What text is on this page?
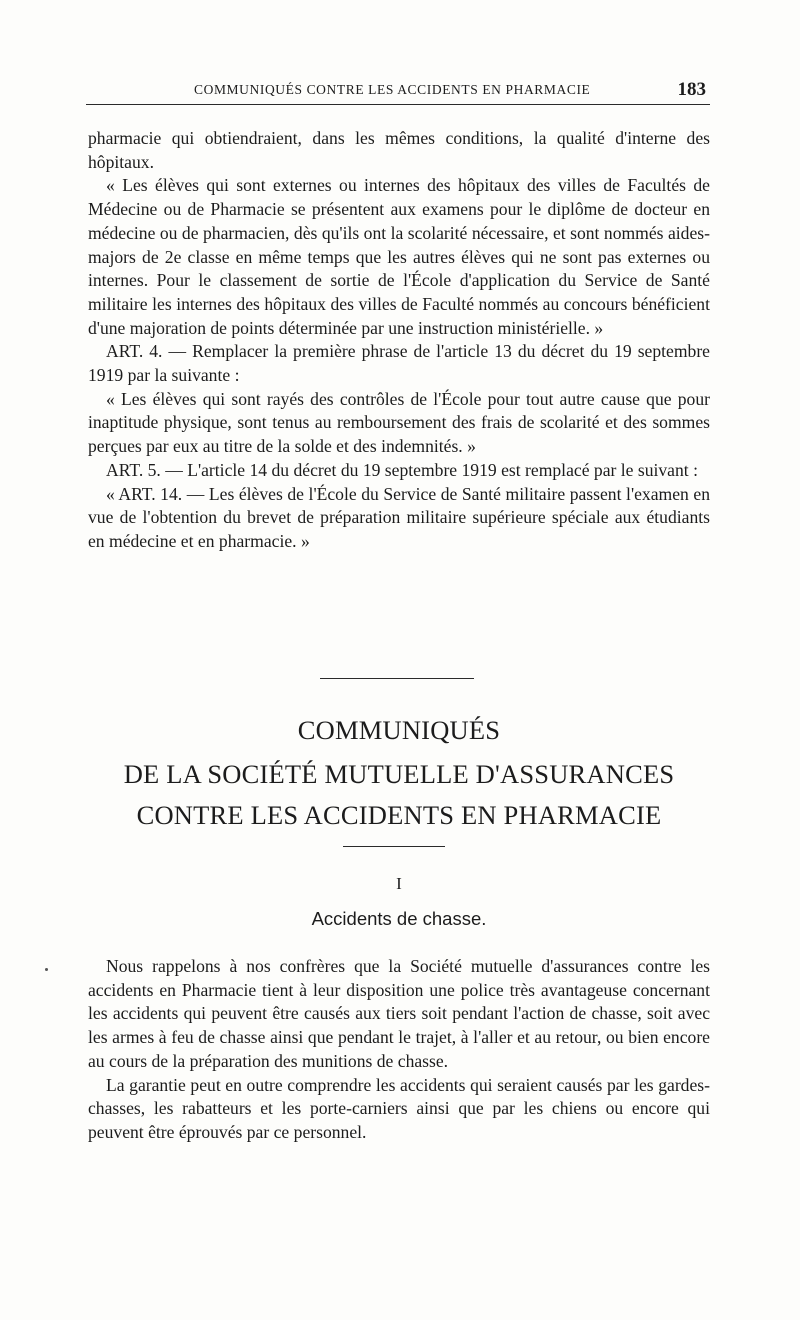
COMMUNIQUÉS CONTRE LES ACCIDENTS EN PHARMACIE	183

pharmacie qui obtiendraient, dans les mêmes conditions, la qualité d'interne des hôpitaux.

« Les élèves qui sont externes ou internes des hôpitaux des villes de Facultés de Médecine ou de Pharmacie se présentent aux examens pour le diplôme de docteur en médecine ou de pharmacien, dès qu'ils ont la scolarité nécessaire, et sont nommés aides-majors de 2e classe en même temps que les autres élèves qui ne sont pas externes ou internes. Pour le classement de sortie de l'École d'application du Service de Santé militaire les internes des hôpitaux des villes de Faculté nommés au concours bénéficient d'une majoration de points déterminée par une instruction ministérielle. »

ART. 4. — Remplacer la première phrase de l'article 13 du décret du 19 septembre 1919 par la suivante :

« Les élèves qui sont rayés des contrôles de l'École pour tout autre cause que pour inaptitude physique, sont tenus au remboursement des frais de scolarité et des sommes perçues par eux au titre de la solde et des indemnités. »

ART. 5. — L'article 14 du décret du 19 septembre 1919 est remplacé par le suivant :

« ART. 14. — Les élèves de l'École du Service de Santé militaire passent l'examen en vue de l'obtention du brevet de préparation militaire supérieure spéciale aux étudiants en médecine et en pharmacie. »

COMMUNIQUÉS
DE LA SOCIÉTÉ MUTUELLE D'ASSURANCES
CONTRE LES ACCIDENTS EN PHARMACIE
I
Accidents de chasse.

Nous rappelons à nos confrères que la Société mutuelle d'assurances contre les accidents en Pharmacie tient à leur disposition une police très avantageuse concernant les accidents qui peuvent être causés aux tiers soit pendant l'action de chasse, soit avec les armes à feu de chasse ainsi que pendant le trajet, à l'aller et au retour, ou bien encore au cours de la préparation des munitions de chasse.

La garantie peut en outre comprendre les accidents qui seraient causés par les gardes-chasses, les rabatteurs et les porte-carniers ainsi que par les chiens ou encore qui peuvent être éprouvés par ce personnel.
